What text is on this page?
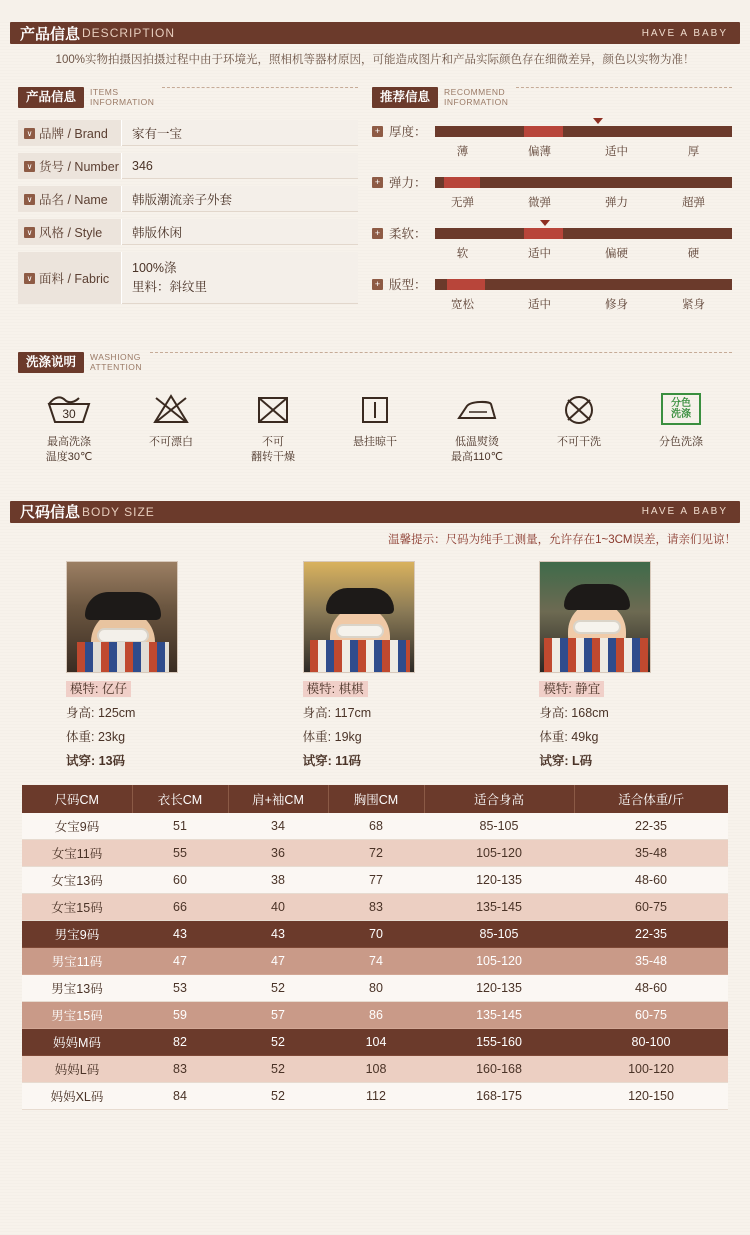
产品信息 DESCRIPTION	HAVE A BABY
100%实物拍摄因拍摄过程中由于环境光，照相机等器材原因，可能造成图片和产品实际颜色存在细微差异，颜色以实物为准！
产品信息	ITEMS
INFORMATION
∨ 品牌 / Brand	家有一宝
∨ 货号 / Number	346
∨ 品名 / Name	韩版潮流亲子外套
∨ 风格 / Style	韩版休闲
∨ 面料 / Fabric
100%涤
里料：斜纹里
推荐信息	RECOMMEND
INFORMATION
+ 厚度：
薄	偏薄	适中	厚
+ 弹力：
无弹	微弹	弹力	超弹
+ 柔软：
软	适中	偏硬	硬
+ 版型：
宽松	适中	修身	紧身
洗涤说明	WASHIONG
ATTENTION
30
最高洗涤
温度30℃
不可漂白	不可
翻转干燥
悬挂晾干	低温熨烫
最高110℃
不可干洗
分色
洗涤
分色洗涤
尺码信息 BODY SIZE	HAVE A BABY
温馨提示：尺码为纯手工测量，允许存在1~3CM误差，请亲们见谅！
模特: 亿仔
身高: 125cm
体重: 23kg
试穿: 13码
模特: 棋棋
身高: 117cm
体重: 19kg
试穿: 11码
模特: 静宜
身高: 168cm
体重: 49kg
试穿: L码
尺码CM	衣长CM	肩+袖CM	胸围CM	适合身高	适合体重/斤
女宝9码	51	34	68	85-105	22-35
女宝11码	55	36	72	105-120	35-48
女宝13码	60	38	77	120-135	48-60
女宝15码	66	40	83	135-145	60-75
男宝9码	43	43	70	85-105	22-35
男宝11码	47	47	74	105-120	35-48
男宝13码	53	52	80	120-135	48-60
男宝15码	59	57	86	135-145	60-75
妈妈M码	82	52	104	155-160	80-100
妈妈L码	83	52	108	160-168	100-120
妈妈XL码	84	52	112	168-175	120-150
